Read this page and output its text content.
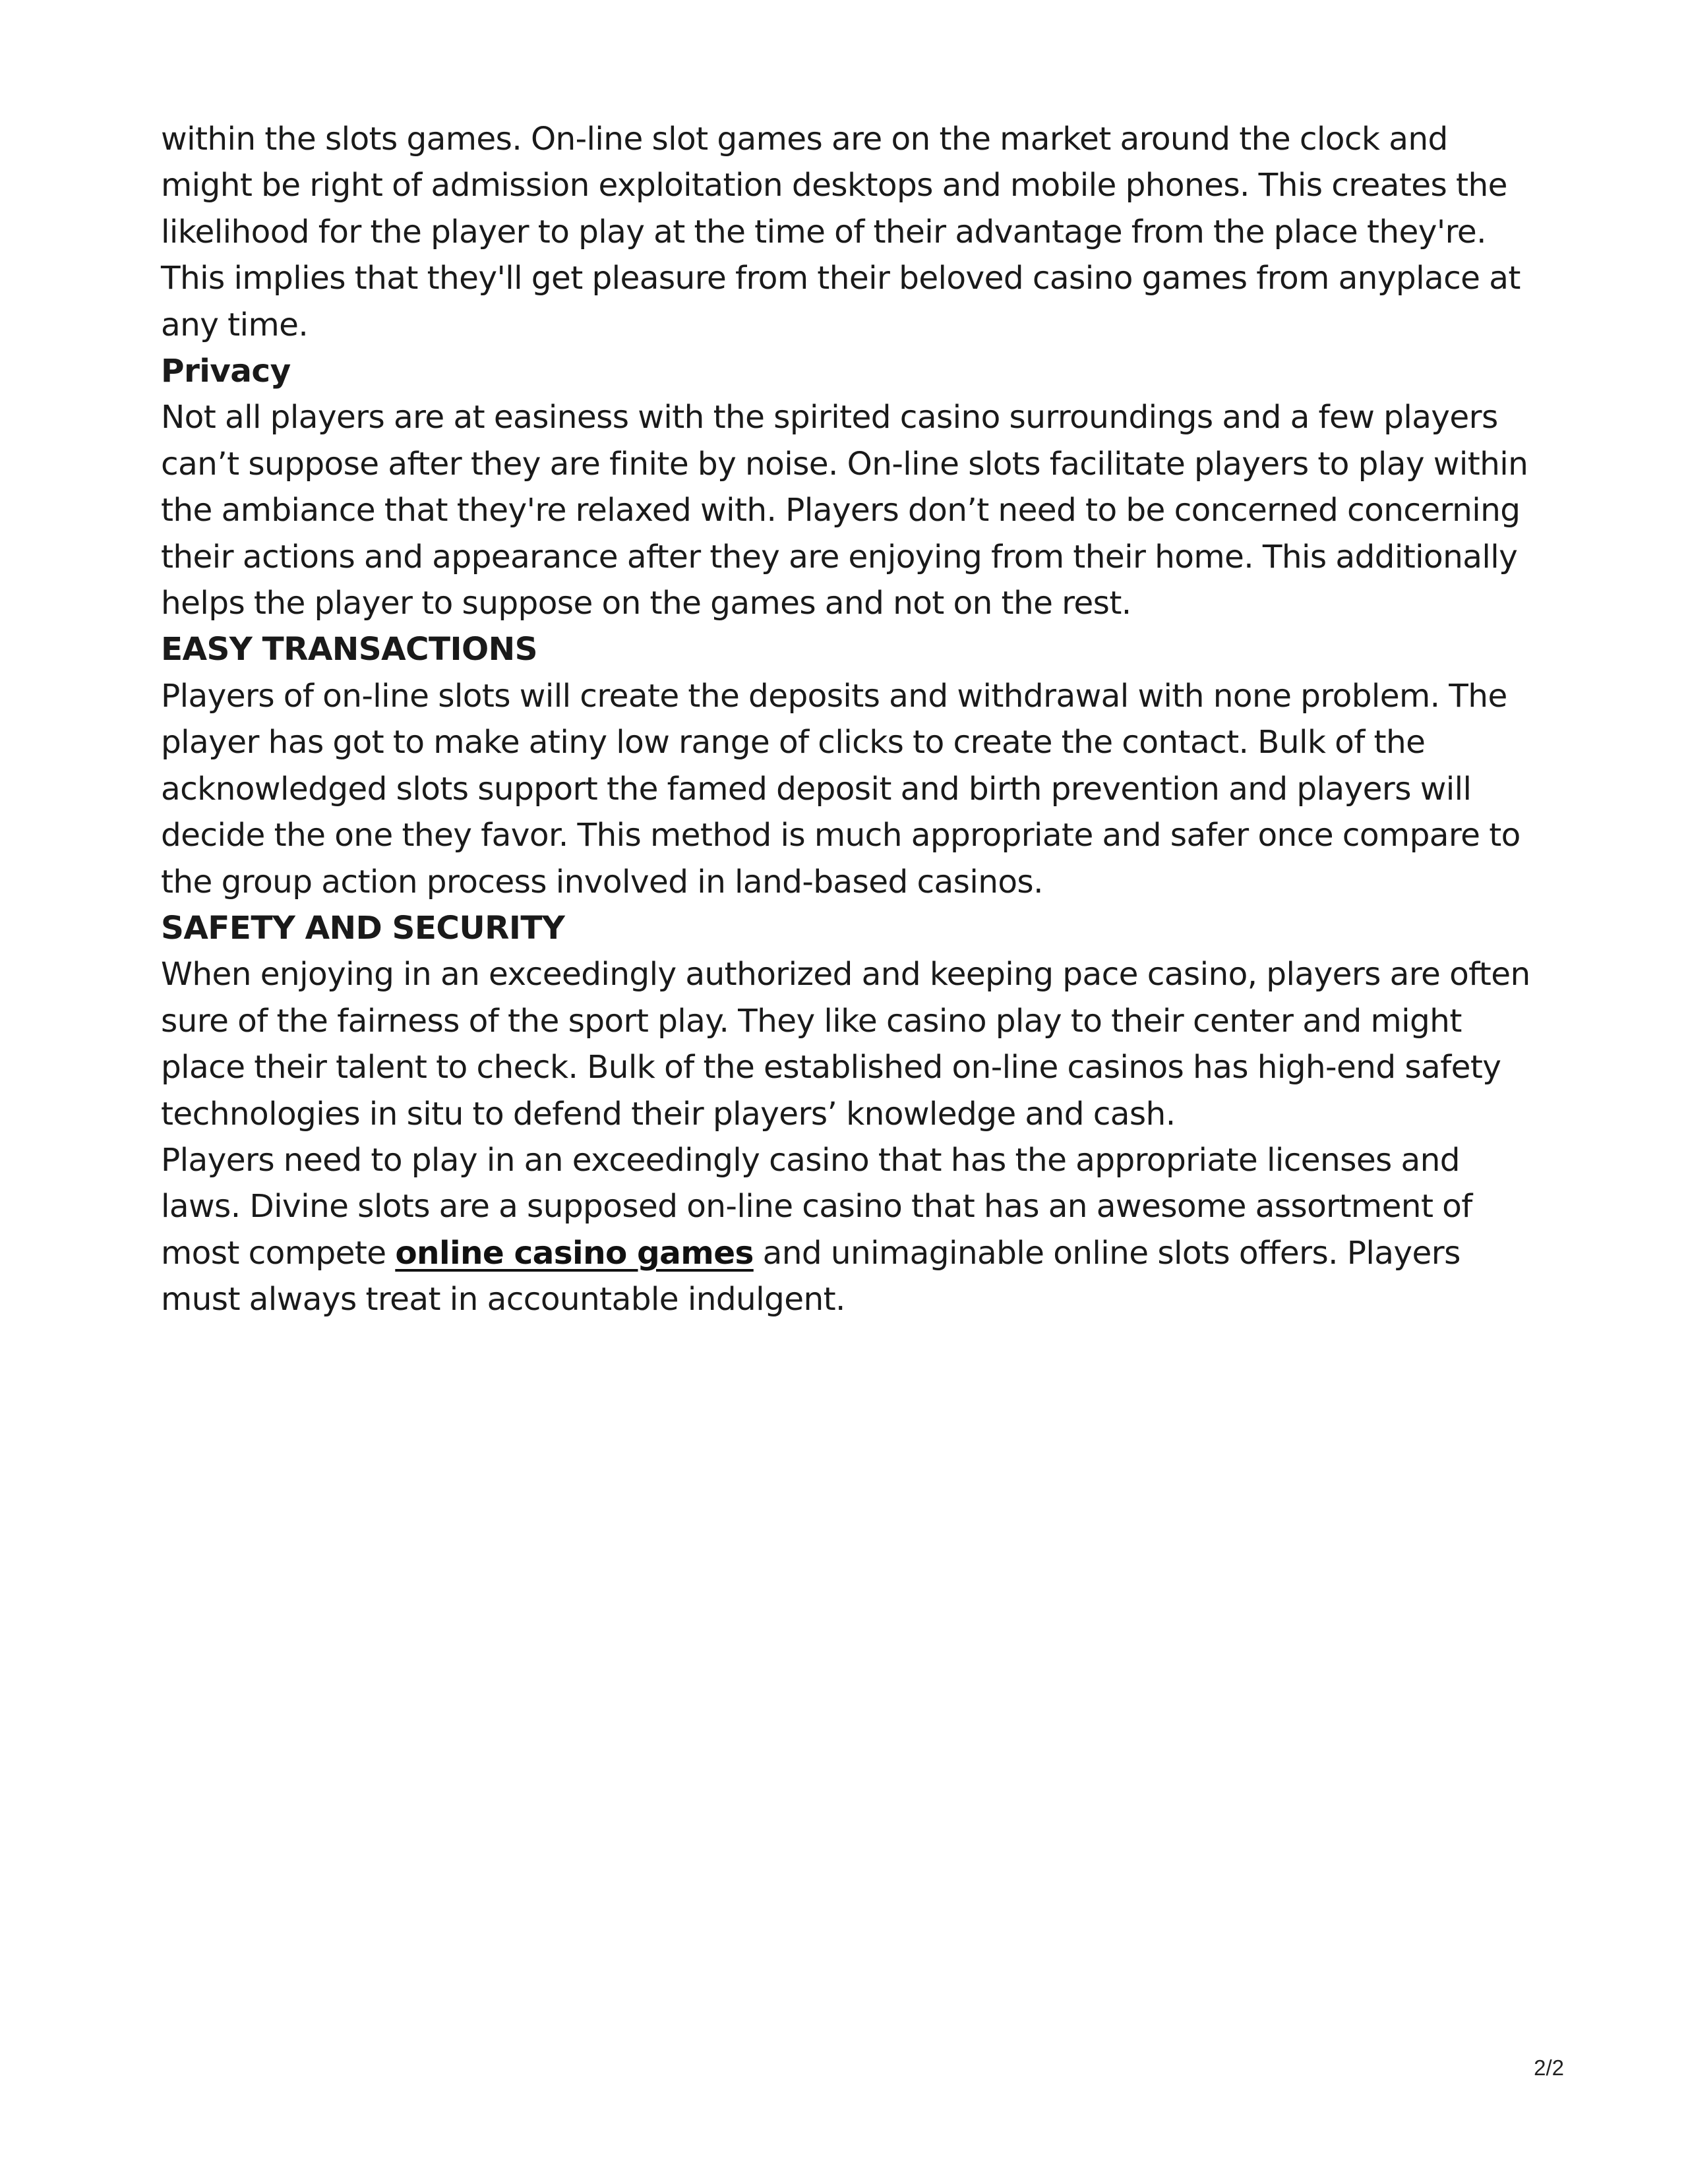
within the slots games. On-line slot games are on the market around the clock and might be right of admission exploitation desktops and mobile phones. This creates the likelihood for the player to play at the time of their advantage from the place they're. This implies that they'll get pleasure from their beloved casino games from anyplace at any time.

Privacy

Not all players are at easiness with the spirited casino surroundings and a few players can’t suppose after they are finite by noise. On-line slots facilitate players to play within the ambiance that they're relaxed with. Players don’t need to be concerned concerning their actions and appearance after they are enjoying from their home. This additionally helps the player to suppose on the games and not on the rest.

EASY TRANSACTIONS

Players of on-line slots will create the deposits and withdrawal with none problem. The player has got to make atiny low range of clicks to create the contact. Bulk of the acknowledged slots support the famed deposit and birth prevention and players will decide the one they favor. This method is much appropriate and safer once compare to the group action process involved in land-based casinos.

SAFETY AND SECURITY

When enjoying in an exceedingly authorized and keeping pace casino, players are often sure of the fairness of the sport play. They like casino play to their center and might place their talent to check. Bulk of the established on-line casinos has high-end safety technologies in situ to defend their players’ knowledge and cash.

Players need to play in an exceedingly casino that has the appropriate licenses and laws. Divine slots are a supposed on-line casino that has an awesome assortment of most compete online casino games and unimaginable online slots offers. Players must always treat in accountable indulgent.

2/2
